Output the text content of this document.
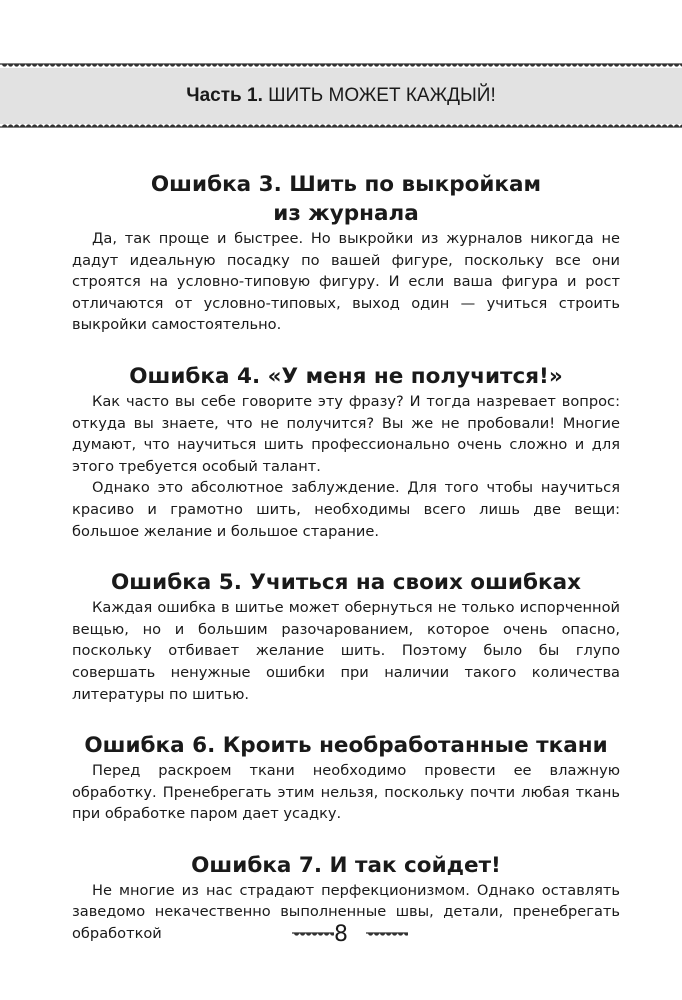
Часть 1. ШИТЬ МОЖЕТ КАЖДЫЙ!
Ошибка 3. Шить по выкройкам
из журнала

Да, так проще и быстрее. Но выкройки из журналов никогда не дадут идеальную посадку по вашей фигуре, поскольку все они строятся на условно-типовую фигуру. И если ваша фигура и рост отличаются от условно-типовых, выход один — учиться строить выкройки самостоятельно.

Ошибка 4. «У меня не получится!»

Как часто вы себе говорите эту фразу? И тогда назревает вопрос: откуда вы знаете, что не получится? Вы же не пробовали! Многие думают, что научиться шить профессионально очень сложно и для этого требуется особый талант.

Однако это абсолютное заблуждение. Для того чтобы научиться красиво и грамотно шить, необходимы всего лишь две вещи: большое желание и большое старание.

Ошибка 5. Учиться на своих ошибках

Каждая ошибка в шитье может обернуться не только испорченной вещью, но и большим разочарованием, которое очень опасно, поскольку отбивает желание шить. Поэтому было бы глупо совершать ненужные ошибки при наличии такого количества литературы по шитью.

Ошибка 6. Кроить необработанные ткани

Перед раскроем ткани необходимо провести ее влажную обработку. Пренебрегать этим нельзя, поскольку почти любая ткань при обработке паром дает усадку.

Ошибка 7. И так сойдет!

Не многие из нас страдают перфекционизмом. Однако оставлять заведомо некачественно выполненные швы, детали, пренебрегать обработкой	8
